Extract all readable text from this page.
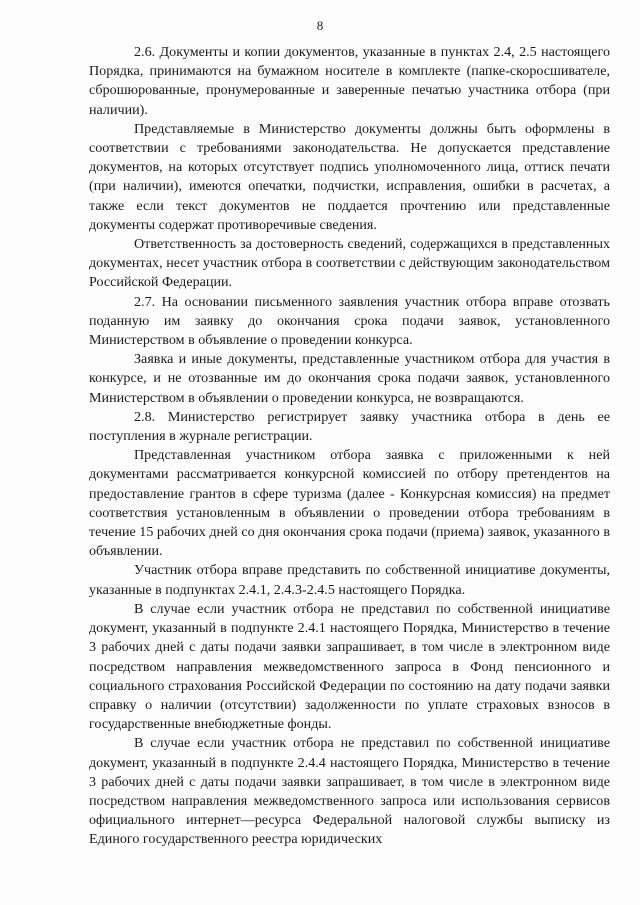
8

2.6. Документы и копии документов, указанные в пунктах 2.4, 2.5 настоящего Порядка, принимаются на бумажном носителе в комплекте (папке-скоросшивателе, сброшюрованные, пронумерованные и заверенные печатью участника отбора (при наличии).

Представляемые в Министерство документы должны быть оформлены в соответствии с требованиями законодательства. Не допускается представление документов, на которых отсутствует подпись уполномоченного лица, оттиск печати (при наличии), имеются опечатки, подчистки, исправления, ошибки в расчетах, а также если текст документов не поддается прочтению или представленные документы содержат противоречивые сведения.

Ответственность за достоверность сведений, содержащихся в представленных документах, несет участник отбора в соответствии с действующим законодательством Российской Федерации.

2.7. На основании письменного заявления участник отбора вправе отозвать поданную им заявку до окончания срока подачи заявок, установленного Министерством в объявление о проведении конкурса.

Заявка и иные документы, представленные участником отбора для участия в конкурсе, и не отозванные им до окончания срока подачи заявок, установленного Министерством в объявлении о проведении конкурса, не возвращаются.

2.8. Министерство регистрирует заявку участника отбора в день ее поступления в журнале регистрации.

Представленная участником отбора заявка с приложенными к ней документами рассматривается конкурсной комиссией по отбору претендентов на предоставление грантов в сфере туризма (далее - Конкурсная комиссия) на предмет соответствия установленным в объявлении о проведении отбора требованиям в течение 15 рабочих дней со дня окончания срока подачи (приема) заявок, указанного в объявлении.

Участник отбора вправе представить по собственной инициативе документы, указанные в подпунктах 2.4.1, 2.4.3-2.4.5 настоящего Порядка.

В случае если участник отбора не представил по собственной инициативе документ, указанный в подпункте 2.4.1 настоящего Порядка, Министерство в течение 3 рабочих дней с даты подачи заявки запрашивает, в том числе в электронном виде посредством направления межведомственного запроса в Фонд пенсионного и социального страхования Российской Федерации по состоянию на дату подачи заявки справку о наличии (отсутствии) задолженности по уплате страховых взносов в государственные внебюджетные фонды.

В случае если участник отбора не представил по собственной инициативе документ, указанный в подпункте 2.4.4 настоящего Порядка, Министерство в течение 3 рабочих дней с даты подачи заявки запрашивает, в том числе в электронном виде посредством направления межведомственного запроса или использования сервисов официального интернет—ресурса Федеральной налоговой службы выписку из Единого государственного реестра юридических
